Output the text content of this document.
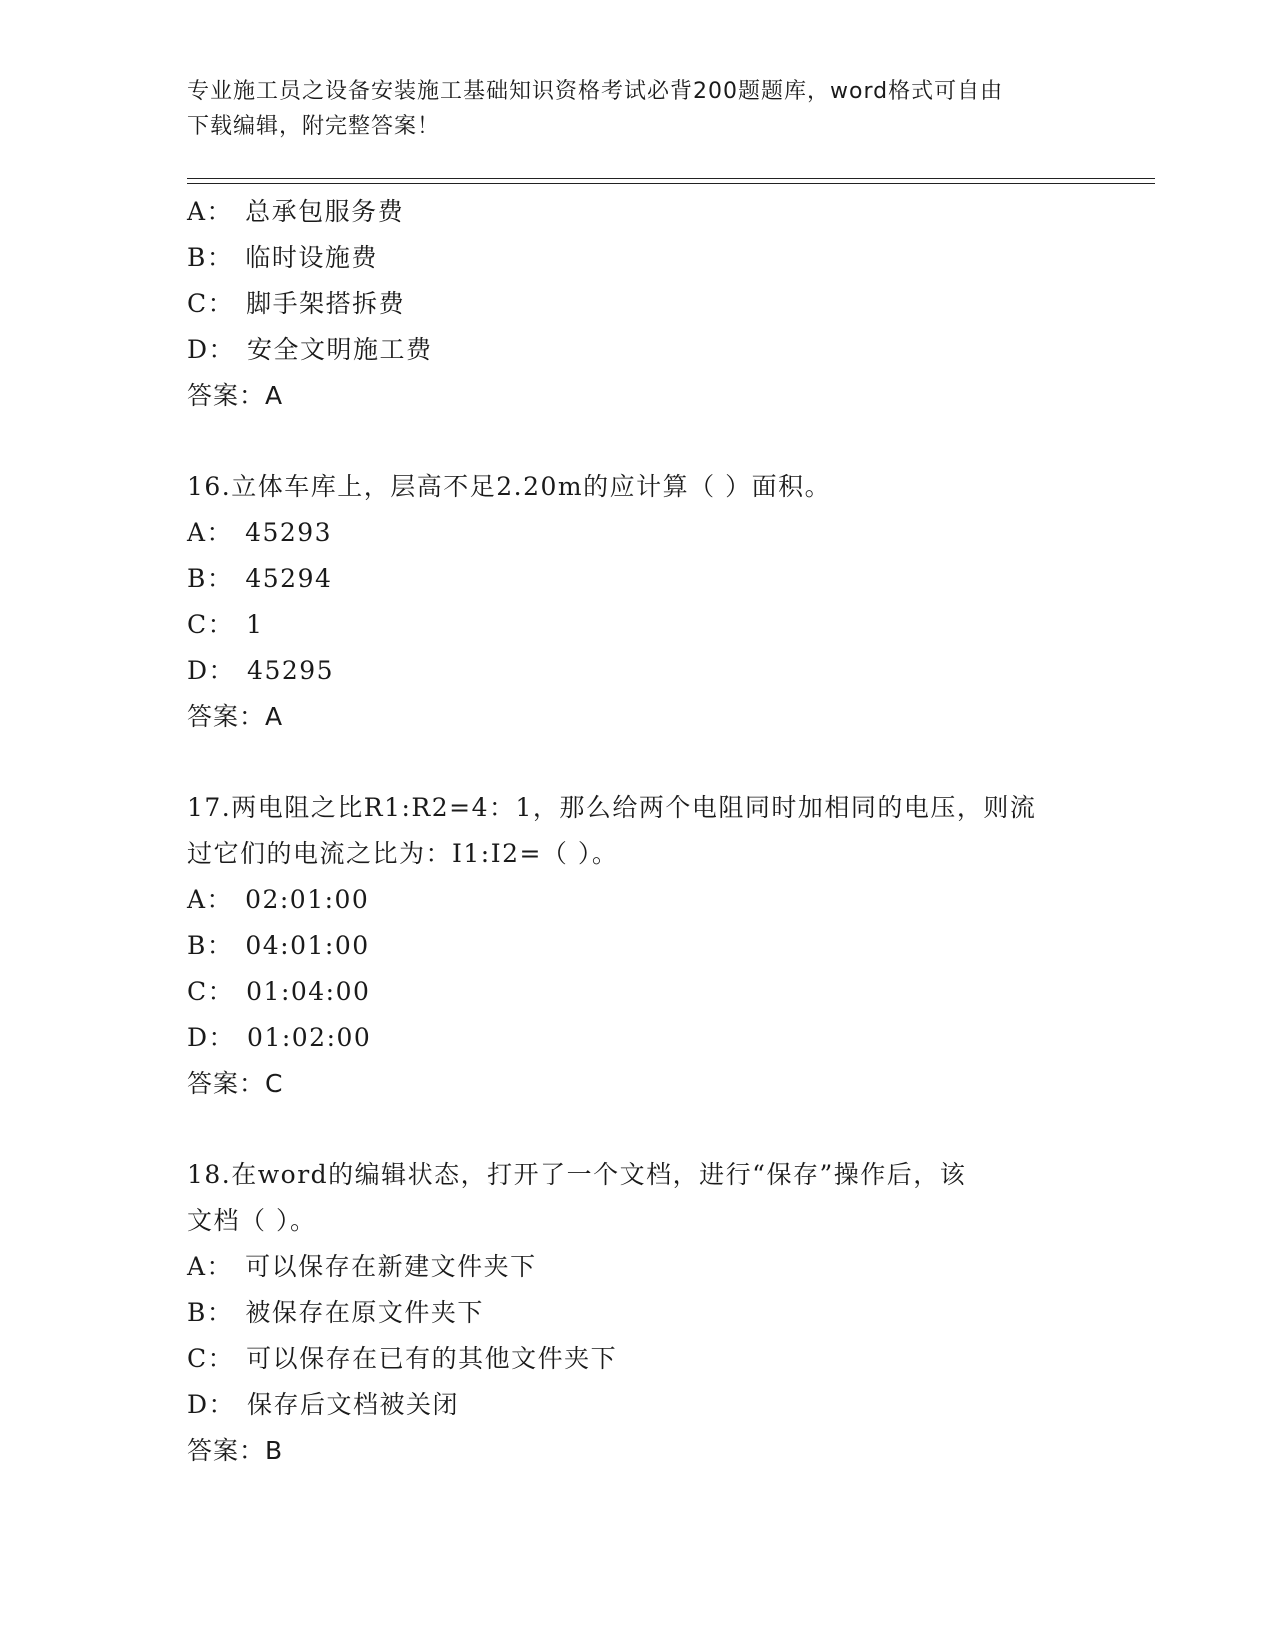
专业施工员之设备安装施工基础知识资格考试必背200题题库，word格式可自由
下载编辑，附完整答案！
A： 总承包服务费
B： 临时设施费
C： 脚手架搭拆费
D： 安全文明施工费
答案：A
16.立体车库上，层高不足2.20m的应计算（ ）面积。
A： 45293
B： 45294
C： 1
D： 45295
答案：A
17.两电阻之比R1:R2=4：1，那么给两个电阻同时加相同的电压，则流
过它们的电流之比为：I1:I2=（ ）。
A： 02:01:00
B： 04:01:00
C： 01:04:00
D： 01:02:00
答案：C
18.在word的编辑状态，打开了一个文档，进行“保存”操作后，该
文档（ ）。
A： 可以保存在新建文件夹下
B： 被保存在原文件夹下
C： 可以保存在已有的其他文件夹下
D： 保存后文档被关闭
答案：B
